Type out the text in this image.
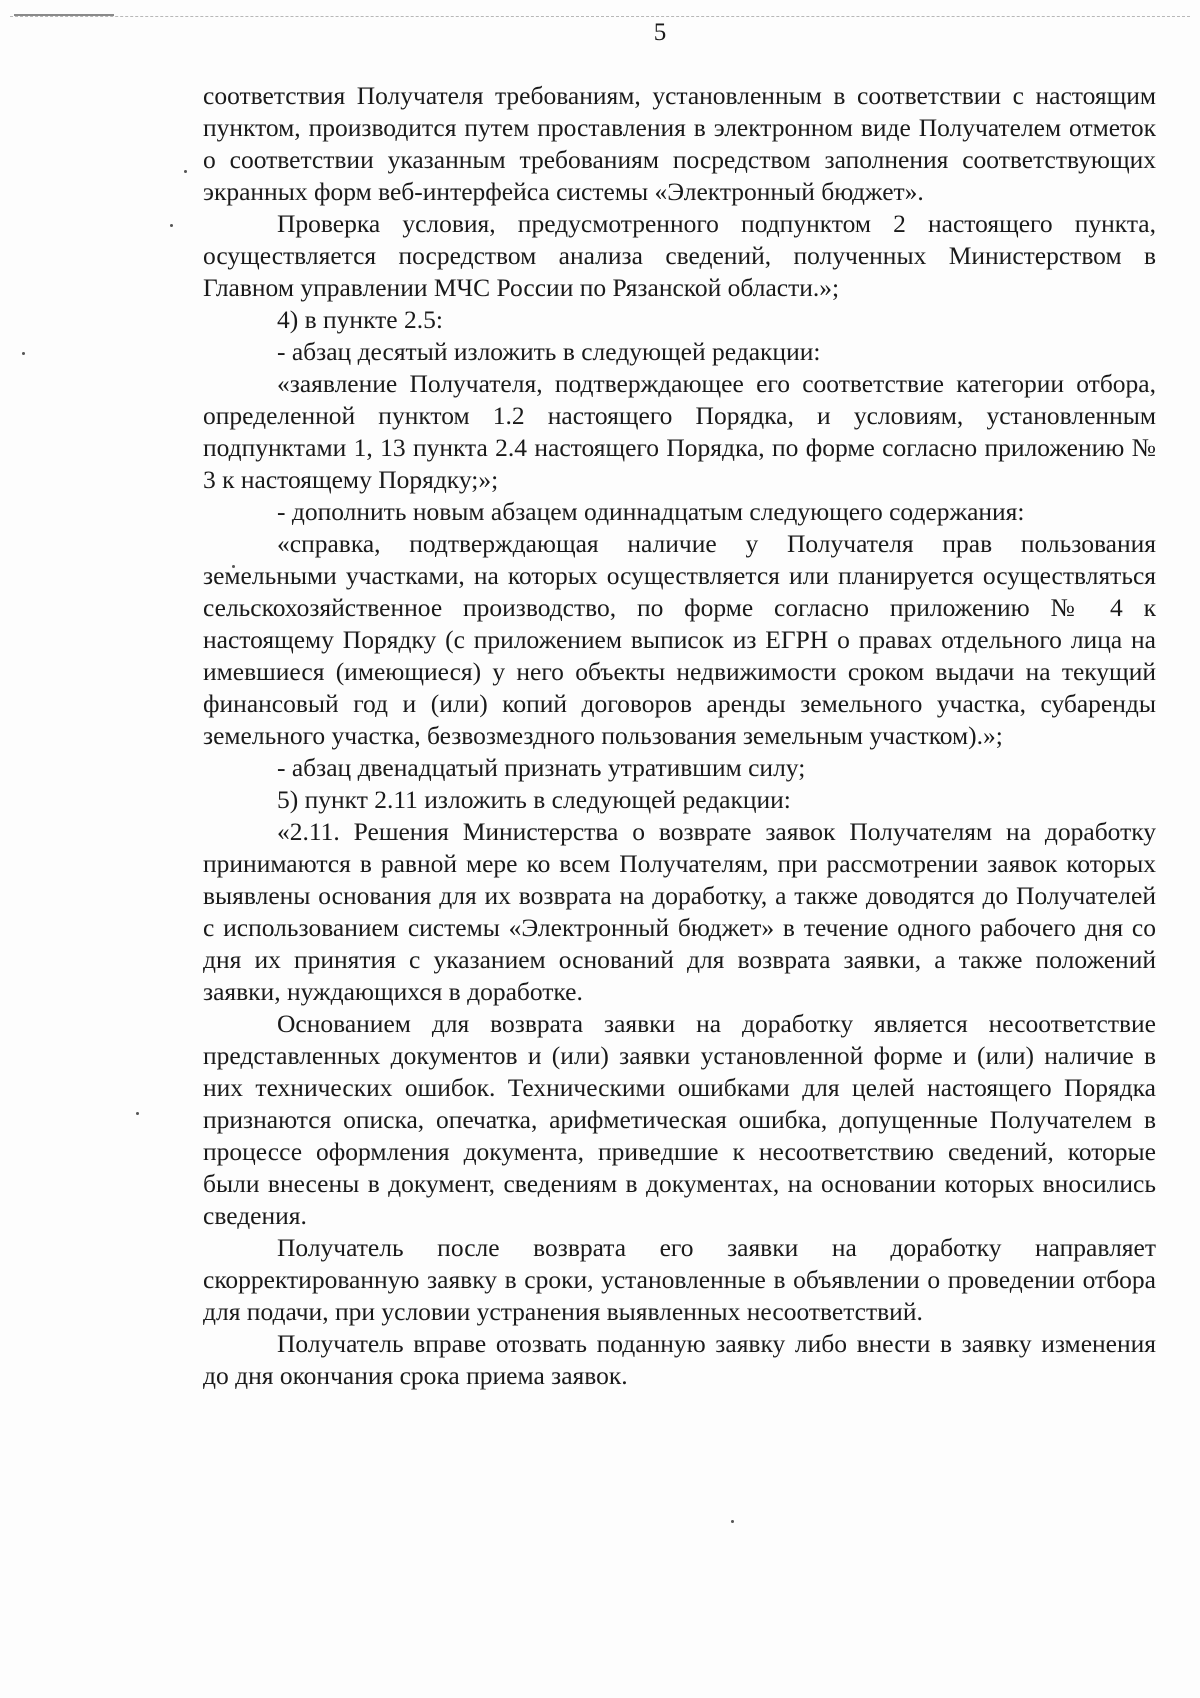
5

соответствия Получателя требованиям, установленным в соответствии с настоящим пунктом, производится путем проставления в электронном виде Получателем отметок о соответствии указанным требованиям посредством заполнения соответствующих экранных форм веб-интерфейса системы «Электронный бюджет».

Проверка условия, предусмотренного подпунктом 2 настоящего пункта, осуществляется посредством анализа сведений, полученных Министерством в Главном управлении МЧС России по Рязанской области.»;

4) в пункте 2.5:

- абзац десятый изложить в следующей редакции:

«заявление Получателя, подтверждающее его соответствие категории отбора, определенной пунктом 1.2 настоящего Порядка, и условиям, установленным подпунктами 1, 13 пункта 2.4 настоящего Порядка, по форме согласно приложению № 3 к настоящему Порядку;»;

- дополнить новым абзацем одиннадцатым следующего содержания:

«справка, подтверждающая наличие у Получателя прав пользования земельными участками, на которых осуществляется или планируется осуществляться сельскохозяйственное производство, по форме согласно приложению № 4 к настоящему Порядку (с приложением выписок из ЕГРН о правах отдельного лица на имевшиеся (имеющиеся) у него объекты недвижимости сроком выдачи на текущий финансовый год и (или) копий договоров аренды земельного участка, субаренды земельного участка, безвозмездного пользования земельным участком).»;

- абзац двенадцатый признать утратившим силу;

5) пункт 2.11 изложить в следующей редакции:

«2.11. Решения Министерства о возврате заявок Получателям на доработку принимаются в равной мере ко всем Получателям, при рассмотрении заявок которых выявлены основания для их возврата на доработку, а также доводятся до Получателей с использованием системы «Электронный бюджет» в течение одного рабочего дня со дня их принятия с указанием оснований для возврата заявки, а также положений заявки, нуждающихся в доработке.

Основанием для возврата заявки на доработку является несоответствие представленных документов и (или) заявки установленной форме и (или) наличие в них технических ошибок. Техническими ошибками для целей настоящего Порядка признаются описка, опечатка, арифметическая ошибка, допущенные Получателем в процессе оформления документа, приведшие к несоответствию сведений, которые были внесены в документ, сведениям в документах, на основании которых вносились сведения.

Получатель после возврата его заявки на доработку направляет скорректированную заявку в сроки, установленные в объявлении о проведении отбора для подачи, при условии устранения выявленных несоответствий.

Получатель вправе отозвать поданную заявку либо внести в заявку изменения до дня окончания срока приема заявок.
